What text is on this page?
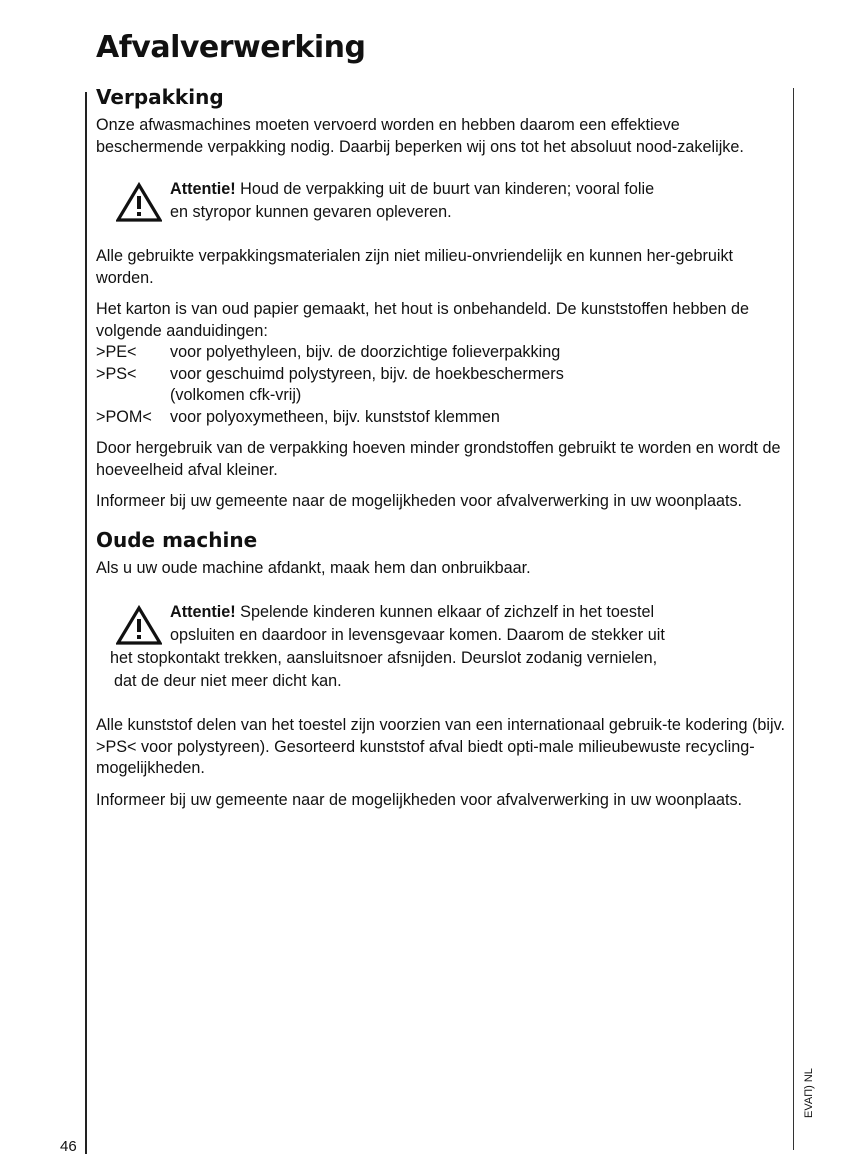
Afvalverwerking
Verpakking

Onze afwasmachines moeten vervoerd worden en hebben daarom een effektieve beschermende verpakking nodig. Daarbij beperken wij ons tot het absoluut nood-zakelijke.

Attentie! Houd de verpakking uit de buurt van kinderen; vooral folie
en styropor kunnen gevaren opleveren.

Alle gebruikte verpakkingsmaterialen zijn niet milieu-onvriendelijk en kunnen her-gebruikt worden.

Het karton is van oud papier gemaakt, het hout is onbehandeld. De kunststoffen hebben de volgende aanduidingen:

>PE<	voor polyethyleen, bijv. de doorzichtige folieverpakking
>PS<	voor geschuimd polystyreen, bijv. de hoekbeschermers
(volkomen cfk-vrij)
>POM<	voor polyoxymetheen, bijv. kunststof klemmen

Door hergebruik van de verpakking hoeven minder grondstoffen gebruikt te worden en wordt de hoeveelheid afval kleiner.

Informeer bij uw gemeente naar de mogelijkheden voor afvalverwerking in uw woonplaats.

Oude machine

Als u uw oude machine afdankt, maak hem dan onbruikbaar.

Attentie! Spelende kinderen kunnen elkaar of zichzelf in het toestel
opsluiten en daardoor in levensgevaar komen. Daarom de stekker uit
het stopkontakt trekken, aansluitsnoer afsnijden. Deurslot zodanig vernielen,
dat de deur niet meer dicht kan.

Alle kunststof delen van het toestel zijn voorzien van een internationaal gebruik-te kodering (bijv. >PS< voor polystyreen). Gesorteerd kunststof afval biedt opti-male milieubewuste recycling-mogelijkheden.

Informeer bij uw gemeente naar de mogelijkheden voor afvalverwerking in uw woonplaats.

46
EVAΠ) NL
